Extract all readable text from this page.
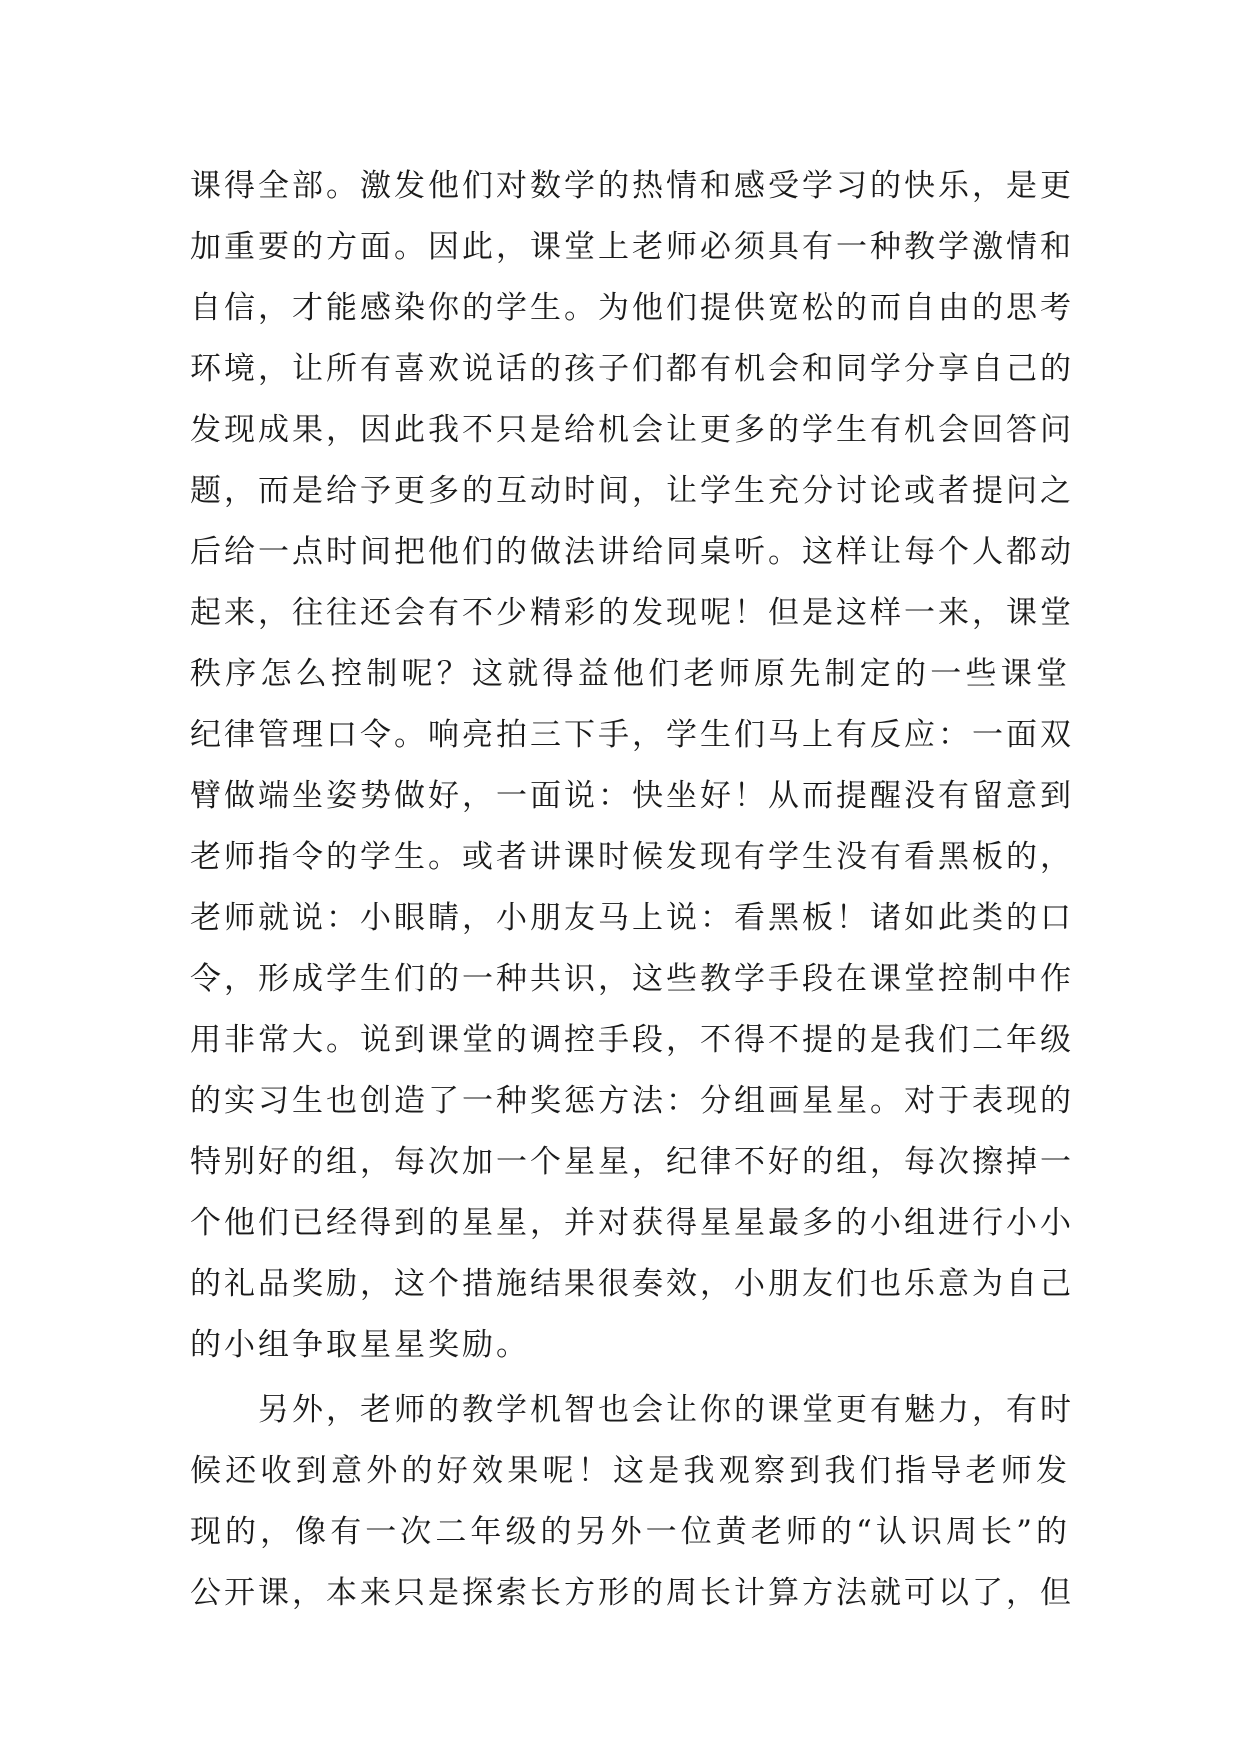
课得全部。激发他们对数学的热情和感受学习的快乐，是更
加重要的方面。因此，课堂上老师必须具有一种教学激情和
自信，才能感染你的学生。为他们提供宽松的而自由的思考
环境，让所有喜欢说话的孩子们都有机会和同学分享自己的
发现成果，因此我不只是给机会让更多的学生有机会回答问
题，而是给予更多的互动时间，让学生充分讨论或者提问之
后给一点时间把他们的做法讲给同桌听。这样让每个人都动
起来，往往还会有不少精彩的发现呢！但是这样一来，课堂
秩序怎么控制呢？这就得益他们老师原先制定的一些课堂
纪律管理口令。响亮拍三下手，学生们马上有反应：一面双
臂做端坐姿势做好，一面说：快坐好！从而提醒没有留意到
老师指令的学生。或者讲课时候发现有学生没有看黑板的，
老师就说：小眼睛，小朋友马上说：看黑板！诸如此类的口
令，形成学生们的一种共识，这些教学手段在课堂控制中作
用非常大。说到课堂的调控手段，不得不提的是我们二年级
的实习生也创造了一种奖惩方法：分组画星星。对于表现的
特别好的组，每次加一个星星，纪律不好的组，每次擦掉一
个他们已经得到的星星，并对获得星星最多的小组进行小小
的礼品奖励，这个措施结果很奏效，小朋友们也乐意为自己
的小组争取星星奖励。
　　另外，老师的教学机智也会让你的课堂更有魅力，有时
候还收到意外的好效果呢！这是我观察到我们指导老师发
现的，像有一次二年级的另外一位黄老师的“认识周长”的
公开课，本来只是探索长方形的周长计算方法就可以了，但
